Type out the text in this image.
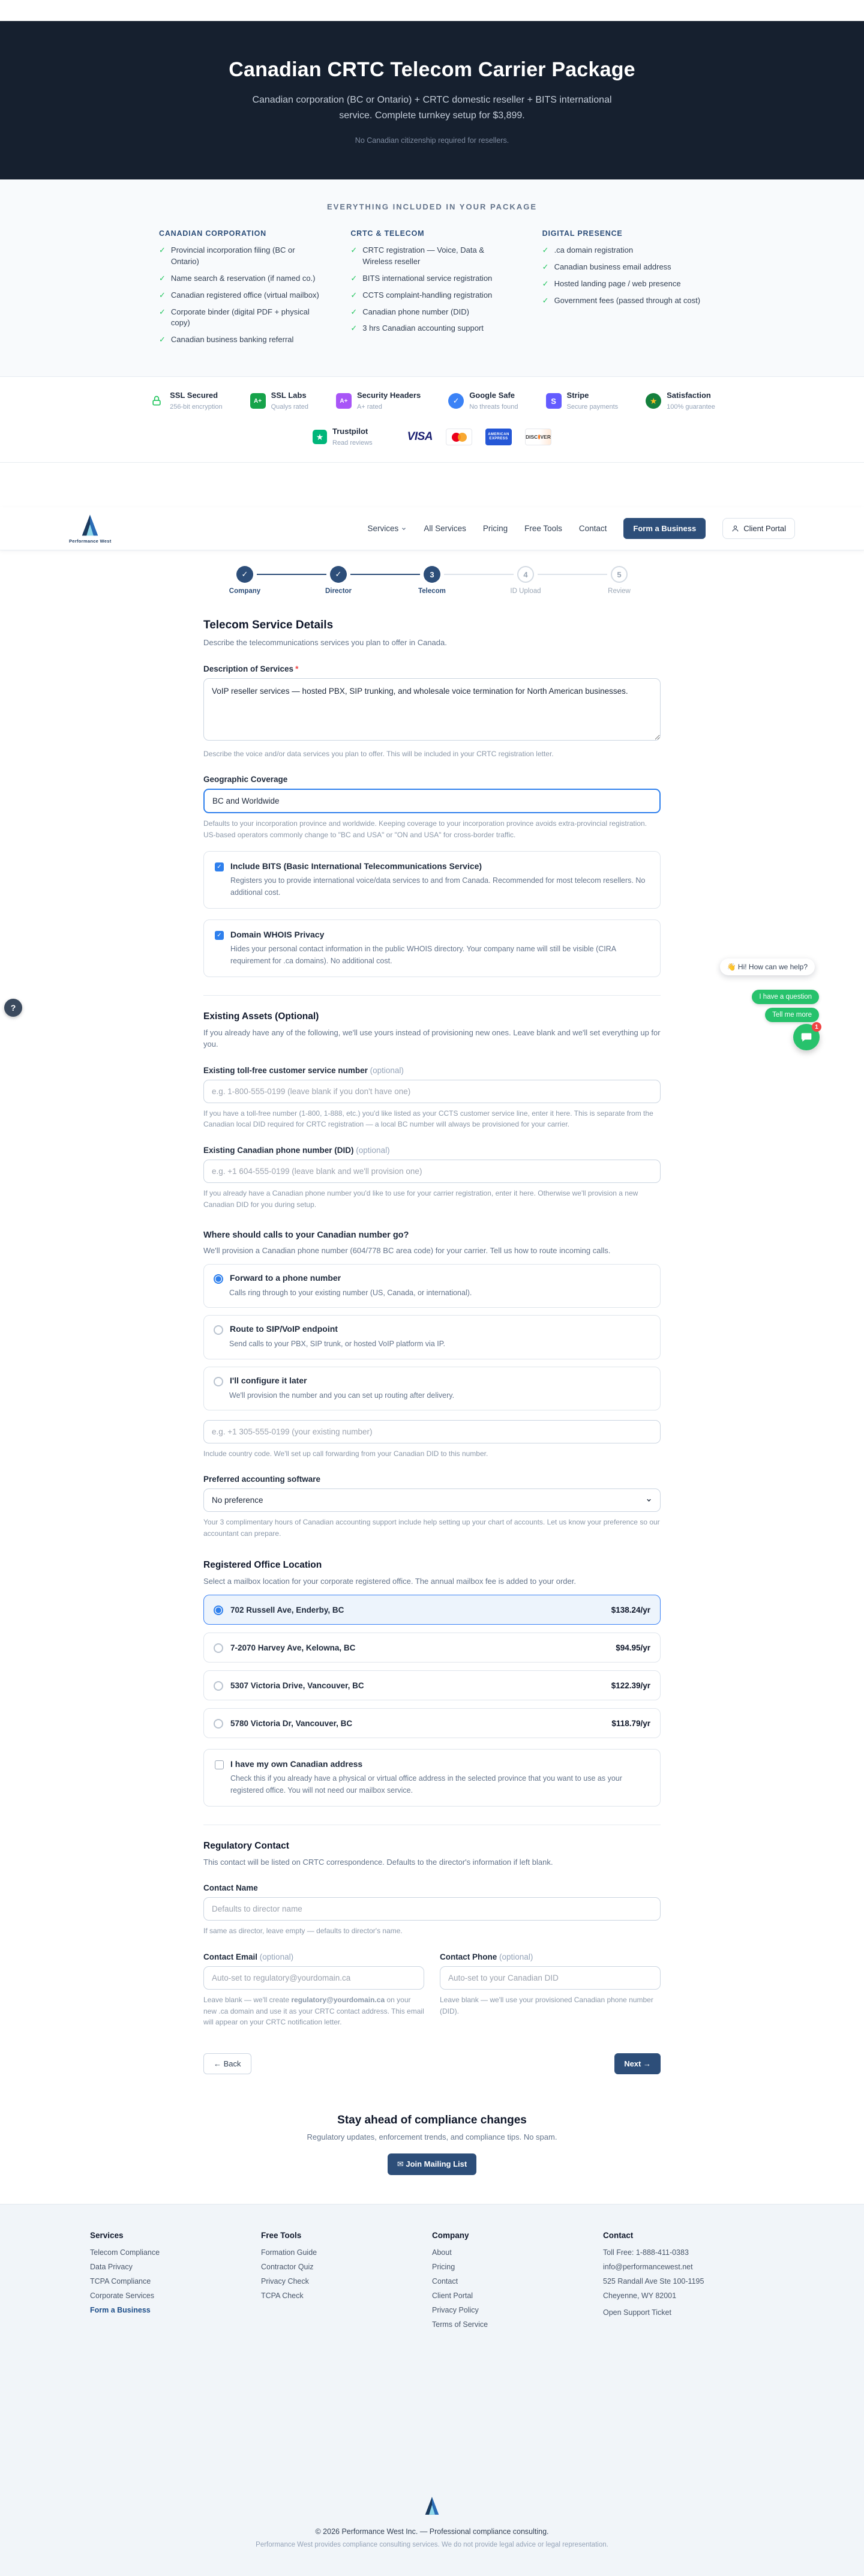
Canadian CRTC Telecom Carrier Package

Canadian corporation (BC or Ontario) + CRTC domestic reseller + BITS international service. Complete turnkey setup for $3,899.

No Canadian citizenship required for resellers.

EVERYTHING INCLUDED IN YOUR PACKAGE
CANADIAN CORPORATION
✓ Provincial incorporation filing (BC or Ontario)
✓ Name search & reservation (if named co.)
✓ Canadian registered office (virtual mailbox)
✓ Corporate binder (digital PDF + physical copy)
✓ Canadian business banking referral
CRTC & TELECOM
✓ CRTC registration — Voice, Data & Wireless reseller
✓ BITS international service registration
✓ CCTS complaint-handling registration
✓ Canadian phone number (DID)
✓ 3 hrs Canadian accounting support
DIGITAL PRESENCE
✓ .ca domain registration
✓ Canadian business email address
✓ Hosted landing page / web presence
✓ Government fees (passed through at cost)
SSL Secured
256-bit encryption
A+
SSL Labs
Qualys rated
A+
Security Headers
A+ rated
✓
Google Safe
No threats found
S
Stripe
Secure payments
★
Satisfaction
100% guarantee
★
Trustpilot
Read reviews	VISA	AMERICAN
EXPRESS	DISC VER
Performance West
Services	All Services Pricing Free Tools Contact	Form a Business	Client Portal
✓
Company
✓
Director
3
Telecom
4
ID Upload
5
Review
Telecom Service Details

Describe the telecommunications services you plan to offer in Canada.

Description of Services *
VoIP reseller services — hosted PBX, SIP trunking, and wholesale voice termination for North American businesses.

Describe the voice and/or data services you plan to offer. This will be included in your CRTC registration letter.

Geographic Coverage
BC and Worldwide

Defaults to your incorporation province and worldwide. Keeping coverage to your incorporation province avoids extra-provincial registration. US-based operators commonly change to "BC and USA" or "ON and USA" for cross-border traffic.

✓ Include BITS (Basic International Telecommunications Service)

Registers you to provide international voice/data services to and from Canada. Recommended for most telecom resellers. No additional cost.

✓ Domain WHOIS Privacy

Hides your personal contact information in the public WHOIS directory. Your company name will still be visible (CIRA requirement for .ca domains). No additional cost.

Existing Assets (Optional)

If you already have any of the following, we'll use yours instead of provisioning new ones. Leave blank and we'll set everything up for you.

Existing toll-free customer service number (optional)
e.g. 1-800-555-0199 (leave blank if you don't have one)

If you have a toll-free number (1-800, 1-888, etc.) you'd like listed as your CCTS customer service line, enter it here. This is separate from the Canadian local DID required for CRTC registration — a local BC number will always be provisioned for your carrier.

Existing Canadian phone number (DID) (optional)
e.g. +1 604-555-0199 (leave blank and we'll provision one)

If you already have a Canadian phone number you'd like to use for your carrier registration, enter it here. Otherwise we'll provision a new Canadian DID for you during setup.

Where should calls to your Canadian number go?

We'll provision a Canadian phone number (604/778 BC area code) for your carrier. Tell us how to route incoming calls.

Forward to a phone number

Calls ring through to your existing number (US, Canada, or international).

Route to SIP/VoIP endpoint

Send calls to your PBX, SIP trunk, or hosted VoIP platform via IP.

I'll configure it later

We'll provision the number and you can set up routing after delivery.

e.g. +1 305-555-0199 (your existing number)

Include country code. We'll set up call forwarding from your Canadian DID to this number.

Preferred accounting software
No preference

Your 3 complimentary hours of Canadian accounting support include help setting up your chart of accounts. Let us know your preference so our accountant can prepare.

Registered Office Location

Select a mailbox location for your corporate registered office. The annual mailbox fee is added to your order.

702 Russell Ave, Enderby, BC	$138.24/yr
7-2070 Harvey Ave, Kelowna, BC	$94.95/yr
5307 Victoria Drive, Vancouver, BC	$122.39/yr
5780 Victoria Dr, Vancouver, BC	$118.79/yr
I have my own Canadian address

Check this if you already have a physical or virtual office address in the selected province that you want to use as your registered office. You will not need our mailbox service.

Regulatory Contact

This contact will be listed on CRTC correspondence. Defaults to the director's information if left blank.

Contact Name
Defaults to director name

If same as director, leave empty — defaults to director's name.

Contact Email (optional)
Auto-set to regulatory@yourdomain.ca

Leave blank — we'll create regulatory@yourdomain.ca on your new .ca domain and use it as your CRTC contact address. This email will appear on your CRTC notification letter.

Contact Phone (optional)
Auto-set to your Canadian DID

Leave blank — we'll use your provisioned Canadian phone number (DID).

← Back	Next →
Stay ahead of compliance changes

Regulatory updates, enforcement trends, and compliance tips. No spam.

✉ Join Mailing List
Services
Telecom Compliance
Data Privacy
TCPA Compliance
Corporate Services
Form a Business
Free Tools
Formation Guide
Contractor Quiz
Privacy Check
TCPA Check
Company
About
Pricing
Contact
Client Portal
Privacy Policy
Terms of Service
Contact
Toll Free: 1-888-411-0383
info@performancewest.net
525 Randall Ave Ste 100-1195
Cheyenne, WY 82001
Open Support Ticket

© 2026 Performance West Inc. — Professional compliance consulting.

Performance West provides compliance consulting services. We do not provide legal advice or legal representation.

?
👋 Hi! How can we help?
I have a question
Tell me more
1
